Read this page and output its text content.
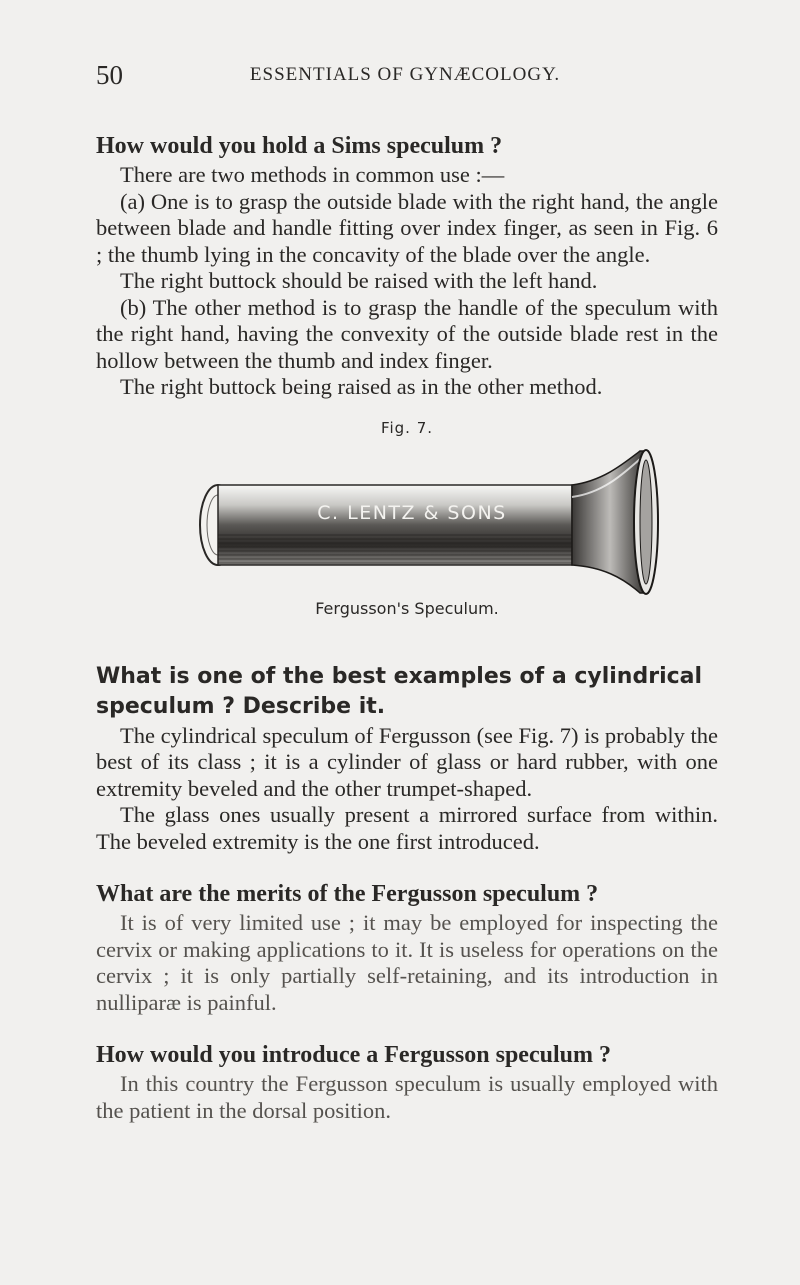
50	ESSENTIALS OF GYNÆCOLOGY.

How would you hold a Sims speculum ?

There are two methods in common use :—

(a) One is to grasp the outside blade with the right hand, the angle between blade and handle fitting over index finger, as seen in Fig. 6 ; the thumb lying in the concavity of the blade over the angle.

The right buttock should be raised with the left hand.

(b) The other method is to grasp the handle of the speculum with the right hand, having the convexity of the outside blade rest in the hollow between the thumb and index finger.

The right buttock being raised as in the other method.

Fig. 7.
C. LENTZ & SONS
Fergusson's Speculum.

What is one of the best examples of a cylindrical speculum ? Describe it.

The cylindrical speculum of Fergusson (see Fig. 7) is probably the best of its class ; it is a cylinder of glass or hard rubber, with one extremity beveled and the other trumpet-shaped.

The glass ones usually present a mirrored surface from within. The beveled extremity is the one first introduced.

What are the merits of the Fergusson speculum ?

It is of very limited use ; it may be employed for inspecting the cervix or making applications to it. It is useless for operations on the cervix ; it is only partially self-retaining, and its introduction in nulliparæ is painful.

How would you introduce a Fergusson speculum ?

In this country the Fergusson speculum is usually employed with the patient in the dorsal position.
